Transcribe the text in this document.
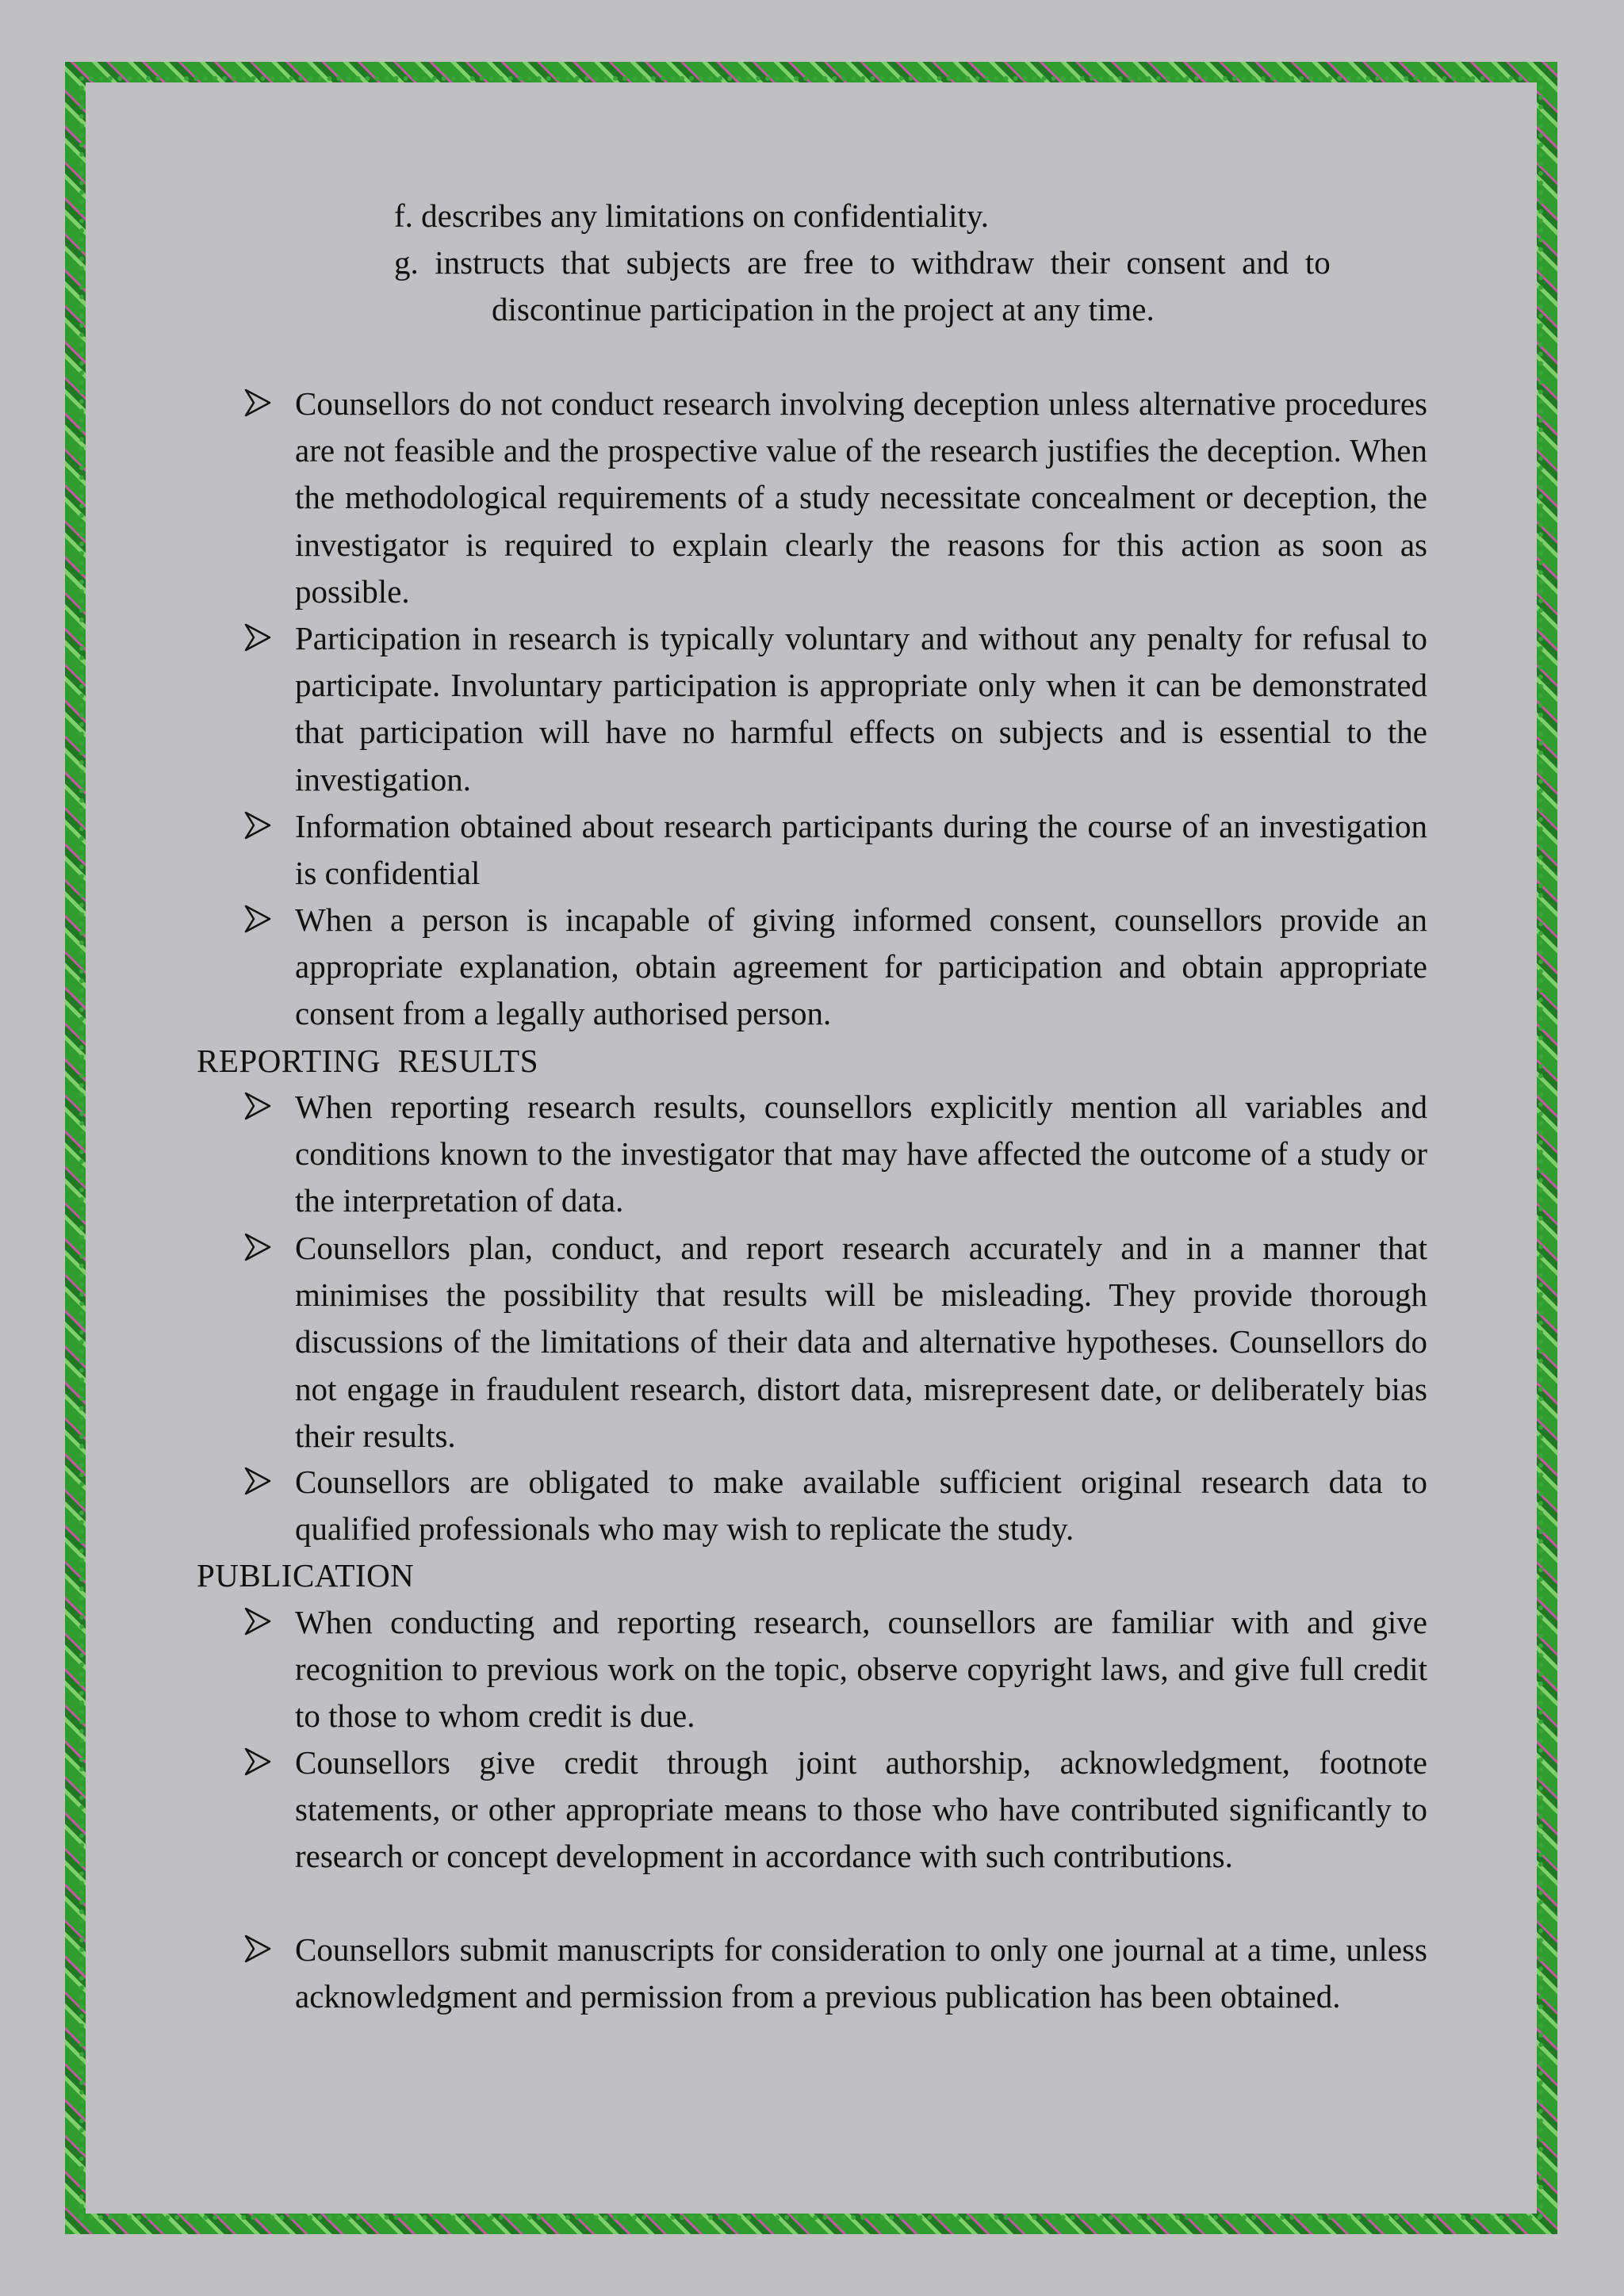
f. describes any limitations on confidentiality.
g.  instructs  that  subjects  are  free  to  withdraw  their  consent  and  to
discontinue participation in the project at any time.
Counsellors do not conduct research involving deception unless alternative procedures are not feasible and the prospective value of the research justifies the deception. When the methodological requirements of a study necessitate concealment or deception, the investigator is required to explain clearly the reasons for this action as soon as possible.
Participation in research is typically voluntary and without any penalty for refusal to participate. Involuntary participation is appropriate only when it can be demonstrated that participation will have no harmful effects on subjects and is essential to the investigation.
Information obtained about research participants during the course of an investigation is confidential
When a person is incapable of giving informed consent, counsellors provide an appropriate explanation, obtain agreement for participation and obtain appropriate consent from a legally authorised person.
REPORTING  RESULTS
When reporting research results, counsellors explicitly mention all variables and conditions known to the investigator that may have affected the outcome of a study or the interpretation of data.
Counsellors plan, conduct, and report research accurately and in a manner that minimises the possibility that results will be misleading. They provide thorough discussions of the limitations of their data and alternative hypotheses. Counsellors do not engage in fraudulent research, distort data, misrepresent date, or deliberately bias their results.
Counsellors are obligated to make available sufficient original research data to qualified professionals who may wish to replicate the study.
PUBLICATION
When conducting and reporting research, counsellors are familiar with and give recognition to previous work on the topic, observe copyright laws, and give full credit to those to whom credit is due.
Counsellors give credit through joint authorship, acknowledgment, footnote statements, or other appropriate means to those who have contributed significantly to research or concept development in accordance with such contributions.
Counsellors submit manuscripts for consideration to only one journal at a time, unless acknowledgment and permission from a previous publication has been obtained.
